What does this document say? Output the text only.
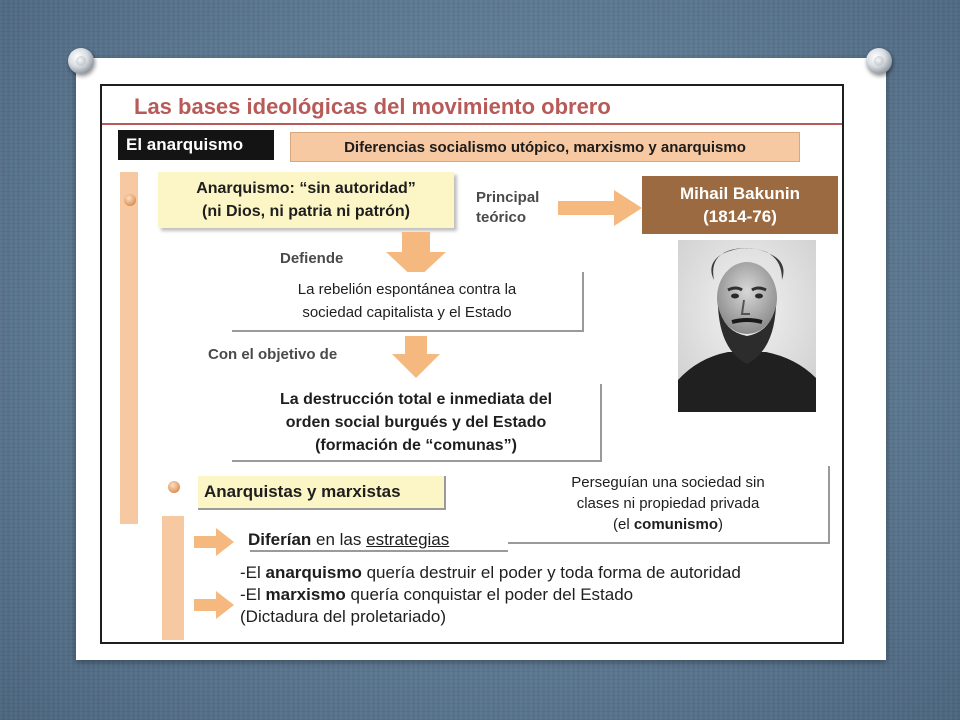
Las bases ideológicas del movimiento obrero
El anarquismo	Diferencias socialismo utópico, marxismo y anarquismo
Anarquismo: “sin autoridad”
(ni Dios, ni patria ni patrón)
Principal
teórico
Mihail Bakunin
(1814-76)
Defiende
La rebelión espontánea contra la
sociedad capitalista y el Estado
Con el objetivo de
La destrucción total e inmediata del
orden social burgués y del Estado
(formación de “comunas”)
Anarquistas y marxistas	Perseguían una sociedad sin
clases ni propiedad privada
(el comunismo)
Diferían en las estrategias
-El anarquismo quería destruir el poder y toda forma de autoridad
-El marxismo quería conquistar el poder del Estado
(Dictadura del proletariado)
